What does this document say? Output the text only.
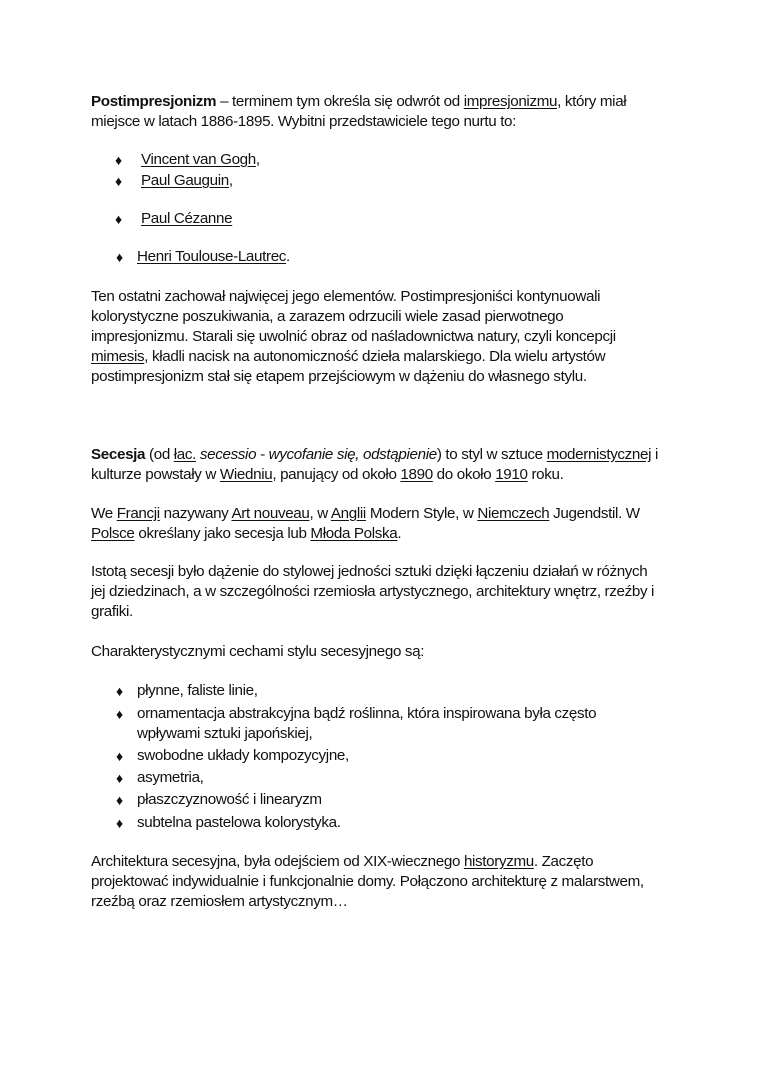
Postimpresjonizm – terminem tym określa się odwrót od impresjonizmu, który miał
miejsce w latach 1886-1895. Wybitni przedstawiciele tego nurtu to:
♦ Vincent van Gogh,
♦ Paul Gauguin,
♦ Paul Cézanne
♦ Henri Toulouse-Lautrec.
Ten ostatni zachował najwięcej jego elementów. Postimpresjoniści kontynuowali
kolorystyczne poszukiwania, a zarazem odrzucili wiele zasad pierwotnego
impresjonizmu. Starali się uwolnić obraz od naśladownictwa natury, czyli koncepcji
mimesis, kładli nacisk na autonomiczność dzieła malarskiego. Dla wielu artystów
postimpresjonizm stał się etapem przejściowym w dążeniu do własnego stylu.
Secesja (od łac. secessio - wycofanie się, odstąpienie) to styl w sztuce modernistycznej i
kulturze powstały w Wiedniu, panujący od około 1890 do około 1910 roku.
We Francji nazywany Art nouveau, w Anglii Modern Style, w Niemczech Jugendstil. W
Polsce określany jako secesja lub Młoda Polska.
Istotą secesji było dążenie do stylowej jedności sztuki dzięki łączeniu działań w różnych
jej dziedzinach, a w szczególności rzemiosła artystycznego, architektury wnętrz, rzeźby i
grafiki.
Charakterystycznymi cechami stylu secesyjnego są:
♦ płynne, faliste linie,
♦ ornamentacja abstrakcyjna bądź roślinna, która inspirowana była często
wpływami sztuki japońskiej,
♦ swobodne układy kompozycyjne,
♦ asymetria,
♦ płaszczyznowość i linearyzm
♦ subtelna pastelowa kolorystyka.
Architektura secesyjna, była odejściem od XIX-wiecznego historyzmu. Zaczęto
projektować indywidualnie i funkcjonalnie domy. Połączono architekturę z malarstwem,
rzeźbą oraz rzemiosłem artystycznym…
